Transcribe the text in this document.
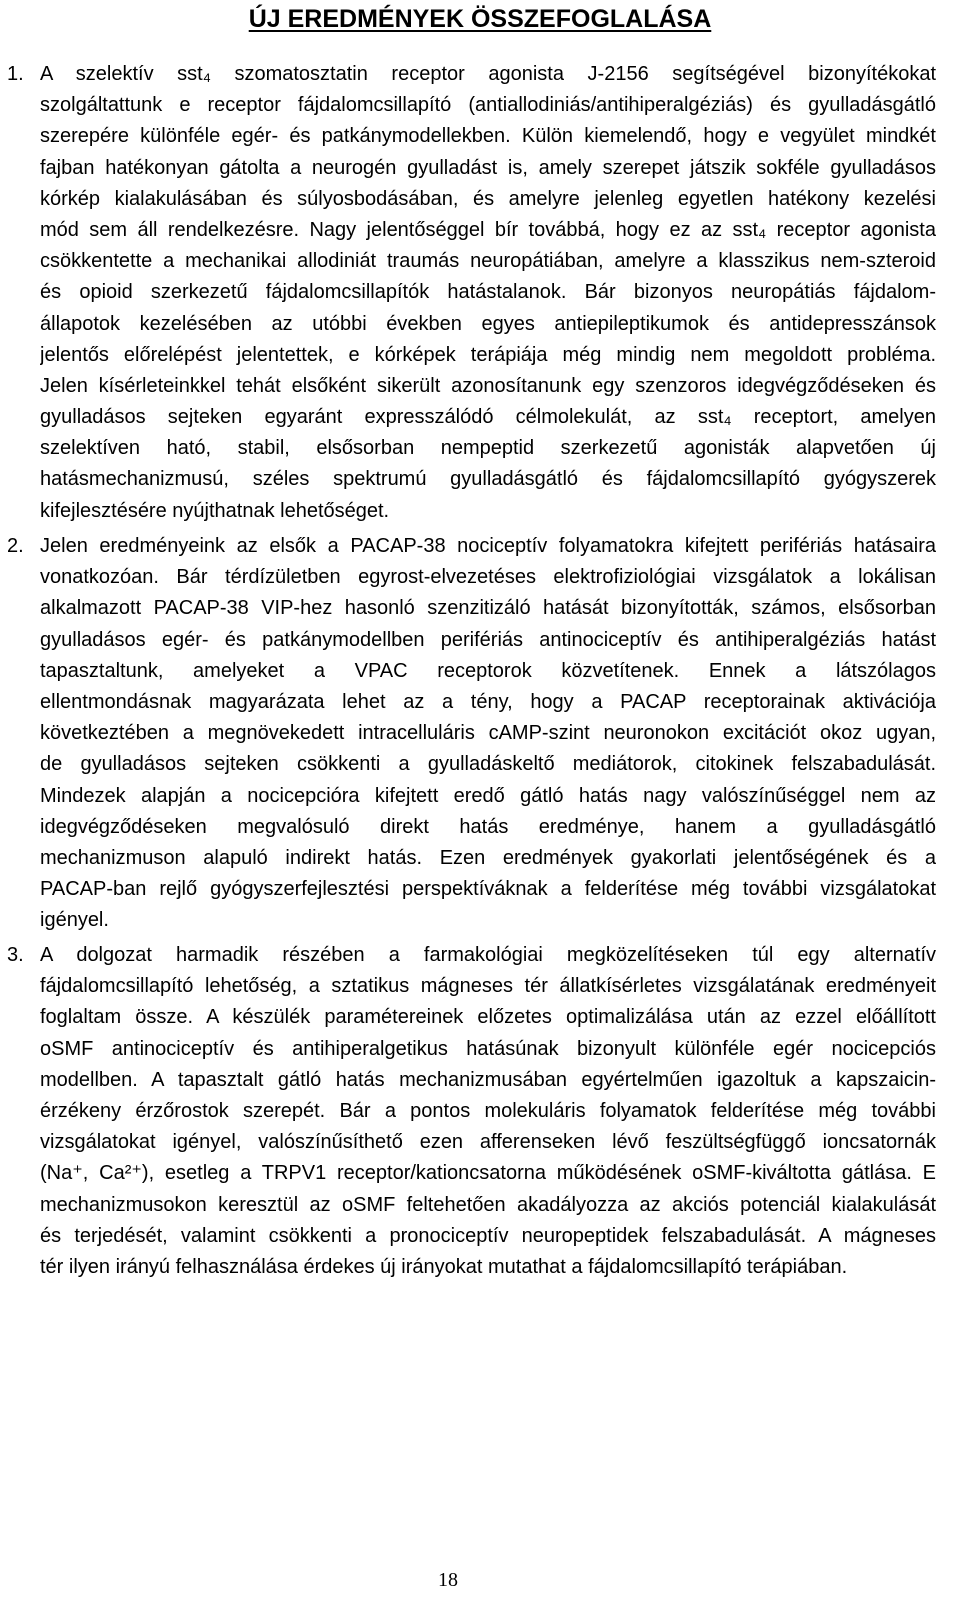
ÚJ EREDMÉNYEK ÖSSZEFOGLALÁSA
1. A szelektív sst₄ szomatosztatin receptor agonista J-2156 segítségével bizonyítékokat
szolgáltattunk e receptor fájdalomcsillapító (antiallodiniás/antihiperalgéziás) és gyulladásgátló
szerepére különféle egér- és patkánymodellekben. Külön kiemelendő, hogy e vegyület mindkét
fajban hatékonyan gátolta a neurogén gyulladást is, amely szerepet játszik sokféle gyulladásos
kórkép kialakulásában és súlyosbodásában, és amelyre jelenleg egyetlen hatékony kezelési
mód sem áll rendelkezésre. Nagy jelentőséggel bír továbbá, hogy ez az sst₄ receptor agonista
csökkentette a mechanikai allodiniát traumás neuropátiában, amelyre a klasszikus nem-szteroid
és opioid szerkezetű fájdalomcsillapítók hatástalanok. Bár bizonyos neuropátiás fájdalom-
állapotok kezelésében az utóbbi években egyes antiepileptikumok és antidepresszánsok
jelentős előrelépést jelentettek, e kórképek terápiája még mindig nem megoldott probléma.
Jelen kísérleteinkkel tehát elsőként sikerült azonosítanunk egy szenzoros idegvégződéseken és
gyulladásos sejteken egyaránt expresszálódó célmolekulát, az sst₄ receptort, amelyen
szelektíven ható, stabil, elsősorban nempeptid szerkezetű agonisták alapvetően új
hatásmechanizmusú, széles spektrumú gyulladásgátló és fájdalomcsillapító gyógyszerek
kifejlesztésére nyújthatnak lehetőséget.
2. Jelen eredményeink az elsők a PACAP-38 nociceptív folyamatokra kifejtett perifériás hatásaira
vonatkozóan. Bár térdízületben egyrost-elvezetéses elektrofiziológiai vizsgálatok a lokálisan
alkalmazott PACAP-38 VIP-hez hasonló szenzitizáló hatását bizonyították, számos, elsősorban
gyulladásos egér- és patkánymodellben perifériás antinociceptív és antihiperalgéziás hatást
tapasztaltunk, amelyeket a VPAC receptorok közvetítenek. Ennek a látszólagos
ellentmondásnak magyarázata lehet az a tény, hogy a PACAP receptorainak aktivációja
következtében a megnövekedett intracelluláris cAMP-szint neuronokon excitációt okoz ugyan,
de gyulladásos sejteken csökkenti a gyulladáskeltő mediátorok, citokinek felszabadulását.
Mindezek alapján a nocicepcióra kifejtett eredő gátló hatás nagy valószínűséggel nem az
idegvégződéseken megvalósuló direkt hatás eredménye, hanem a gyulladásgátló
mechanizmuson alapuló indirekt hatás. Ezen eredmények gyakorlati jelentőségének és a
PACAP-ban rejlő gyógyszerfejlesztési perspektíváknak a felderítése még további vizsgálatokat
igényel.
3. A dolgozat harmadik részében a farmakológiai megközelítéseken túl egy alternatív
fájdalomcsillapító lehetőség, a sztatikus mágneses tér állatkísérletes vizsgálatának eredményeit
foglaltam össze. A készülék paramétereinek előzetes optimalizálása után az ezzel előállított
oSMF antinociceptív és antihiperalgetikus hatásúnak bizonyult különféle egér nocicepciós
modellben. A tapasztalt gátló hatás mechanizmusában egyértelműen igazoltuk a kapszaicin-
érzékeny érzőrostok szerepét. Bár a pontos molekuláris folyamatok felderítése még további
vizsgálatokat igényel, valószínűsíthető ezen afferenseken lévő feszültségfüggő ioncsatornák
(Na⁺, Ca²⁺), esetleg a TRPV1 receptor/kationcsatorna működésének oSMF-kiváltotta gátlása. E
mechanizmusokon keresztül az oSMF feltehetően akadályozza az akciós potenciál kialakulását
és terjedését, valamint csökkenti a pronociceptív neuropeptidek felszabadulását. A mágneses
tér ilyen irányú felhasználása érdekes új irányokat mutathat a fájdalomcsillapító terápiában.
18
